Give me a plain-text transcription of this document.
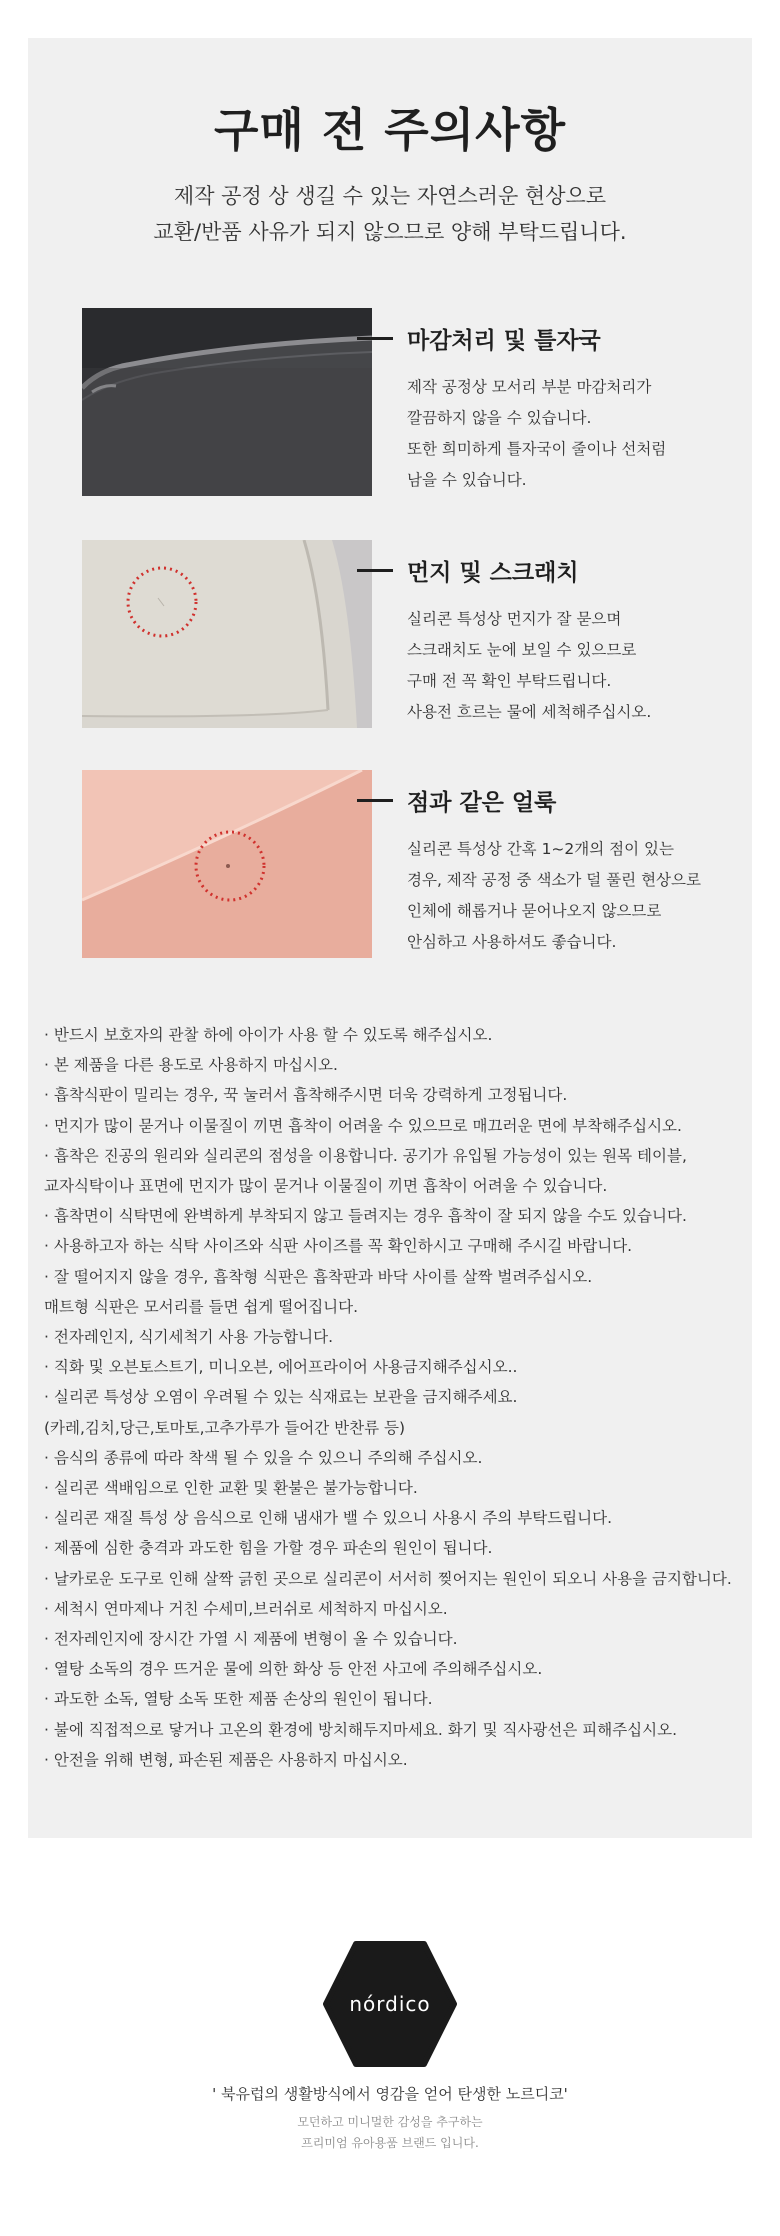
구매 전 주의사항
제작 공정 상 생길 수 있는 자연스러운 현상으로
교환/반품 사유가 되지 않으므로 양해 부탁드립니다.
마감처리 및 틀자국
제작 공정상 모서리 부분 마감처리가
깔끔하지 않을 수 있습니다.
또한 희미하게 틀자국이 줄이나 선처럼
남을 수 있습니다.
먼지 및 스크래치
실리콘 특성상 먼지가 잘 묻으며
스크래치도 눈에 보일 수 있으므로
구매 전 꼭 확인 부탁드립니다.
사용전 흐르는 물에 세척해주십시오.
점과 같은 얼룩
실리콘 특성상 간혹 1~2개의 점이 있는
경우, 제작 공정 중 색소가 덜 풀린 현상으로
인체에 해롭거나 묻어나오지 않으므로
안심하고 사용하셔도 좋습니다.
· 반드시 보호자의 관찰 하에 아이가 사용 할 수 있도록 해주십시오.
· 본 제품을 다른 용도로 사용하지 마십시오.
· 흡착식판이 밀리는 경우, 꾹 눌러서 흡착해주시면 더욱 강력하게 고정됩니다.
· 먼지가 많이 묻거나 이물질이 끼면 흡착이 어려울 수 있으므로 매끄러운 면에 부착해주십시오.
· 흡착은 진공의 원리와 실리콘의 점성을 이용합니다. 공기가 유입될 가능성이 있는 원목 테이블,
교자식탁이나 표면에 먼지가 많이 묻거나 이물질이 끼면 흡착이 어려울 수 있습니다.
· 흡착면이 식탁면에 완벽하게 부착되지 않고 들려지는 경우 흡착이 잘 되지 않을 수도 있습니다.
· 사용하고자 하는 식탁 사이즈와 식판 사이즈를 꼭 확인하시고 구매해 주시길 바랍니다.
· 잘 떨어지지 않을 경우, 흡착형 식판은 흡착판과 바닥 사이를 살짝 벌려주십시오.
매트형 식판은 모서리를 들면 쉽게 떨어집니다.
· 전자레인지, 식기세척기 사용 가능합니다.
· 직화 및 오븐토스트기, 미니오븐, 에어프라이어 사용금지해주십시오..
· 실리콘 특성상 오염이 우려될 수 있는 식재료는 보관을 금지해주세요.
(카레,김치,당근,토마토,고추가루가 들어간 반찬류 등)
· 음식의 종류에 따라 착색 될 수 있을 수 있으니 주의해 주십시오.
· 실리콘 색배임으로 인한 교환 및 환불은 불가능합니다.
· 실리콘 재질 특성 상 음식으로 인해 냄새가 밸 수 있으니 사용시 주의 부탁드립니다.
· 제품에 심한 충격과 과도한 힘을 가할 경우 파손의 원인이 됩니다.
· 날카로운 도구로 인해 살짝 긁힌 곳으로 실리콘이 서서히 찢어지는 원인이 되오니 사용을 금지합니다.
· 세척시 연마제나 거친 수세미,브러쉬로 세척하지 마십시오.
· 전자레인지에 장시간 가열 시 제품에 변형이 올 수 있습니다.
· 열탕 소독의 경우 뜨거운 물에 의한 화상 등 안전 사고에 주의해주십시오.
· 과도한 소독, 열탕 소독 또한 제품 손상의 원인이 됩니다.
· 불에 직접적으로 닿거나 고온의 환경에 방치해두지마세요. 화기 및 직사광선은 피해주십시오.
· 안전을 위해 변형, 파손된 제품은 사용하지 마십시오.
nórdico
' 북유럽의 생활방식에서 영감을 얻어 탄생한 노르디코'
모던하고 미니멀한 감성을 추구하는
프리미엄 유아용품 브랜드 입니다.
